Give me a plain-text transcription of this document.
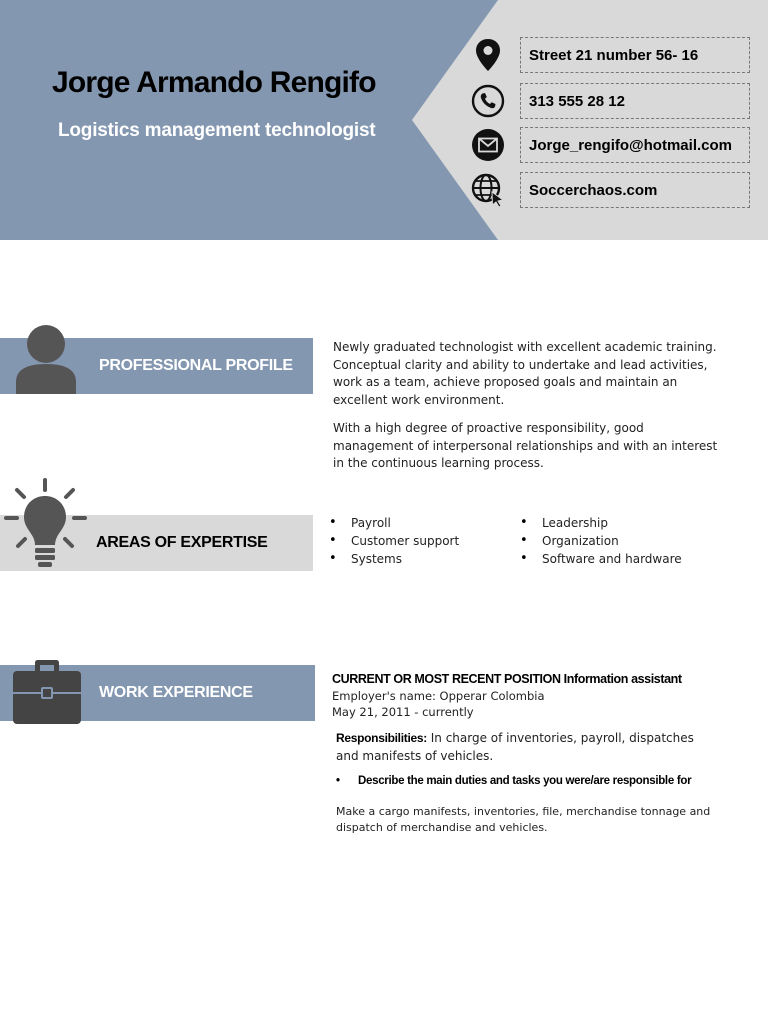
Jorge Armando Rengifo
Logistics management technologist
Street 21 number 56- 16
313 555 28 12
Jorge_rengifo@hotmail.com
Soccerchaos.com
PROFESSIONAL PROFILE

Newly graduated technologist with excellent academic training. Conceptual clarity and ability to undertake and lead activities, work as a team, achieve proposed goals and maintain an excellent work environment.

With a high degree of proactive responsibility, good management of interpersonal relationships and with an interest in the continuous learning process.

AREAS OF EXPERTISE
• Payroll
• Customer support
• Systems
• Leadership
• Organization
• Software and hardware
WORK EXPERIENCE
CURRENT OR MOST RECENT POSITION Information assistant
Employer's name: Opperar Colombia
May 21, 2011 - currently

Responsibilities: In charge of inventories, payroll, dispatches and manifests of vehicles.

• Describe the main duties and tasks you were/are responsible for

Make a cargo manifests, inventories, file, merchandise tonnage and dispatch of merchandise and vehicles.
